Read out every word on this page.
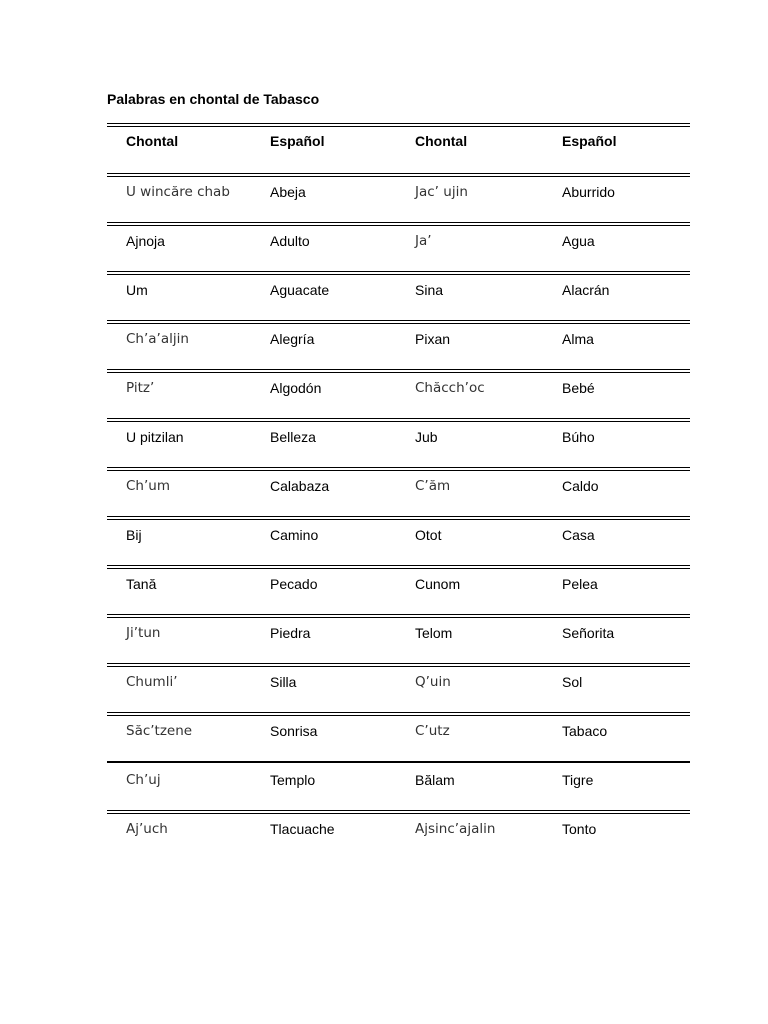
Palabras en chontal de Tabasco
Chontal	Español	Chontal	Español
U wincăre chab	Abeja	Jac’ ujin	Aburrido
Ajnoja	Adulto	Ja’	Agua
Um	Aguacate	Sina	Alacrán
Ch’a’aljin	Alegría	Pixan	Alma
Pitz’	Algodón	Chăcch’oc	Bebé
U pitzilan	Belleza	Jub	Búho
Ch’um	Calabaza	C’ăm	Caldo
Bij	Camino	Otot	Casa
Tană	Pecado	Cunom	Pelea
Ji’tun	Piedra	Telom	Señorita
Chumli’	Silla	Q’uin	Sol
Săc’tzene	Sonrisa	C’utz	Tabaco
Ch’uj	Templo	Bălam	Tigre
Aj’uch	Tlacuache	Ajsinc’ajalin	Tonto
